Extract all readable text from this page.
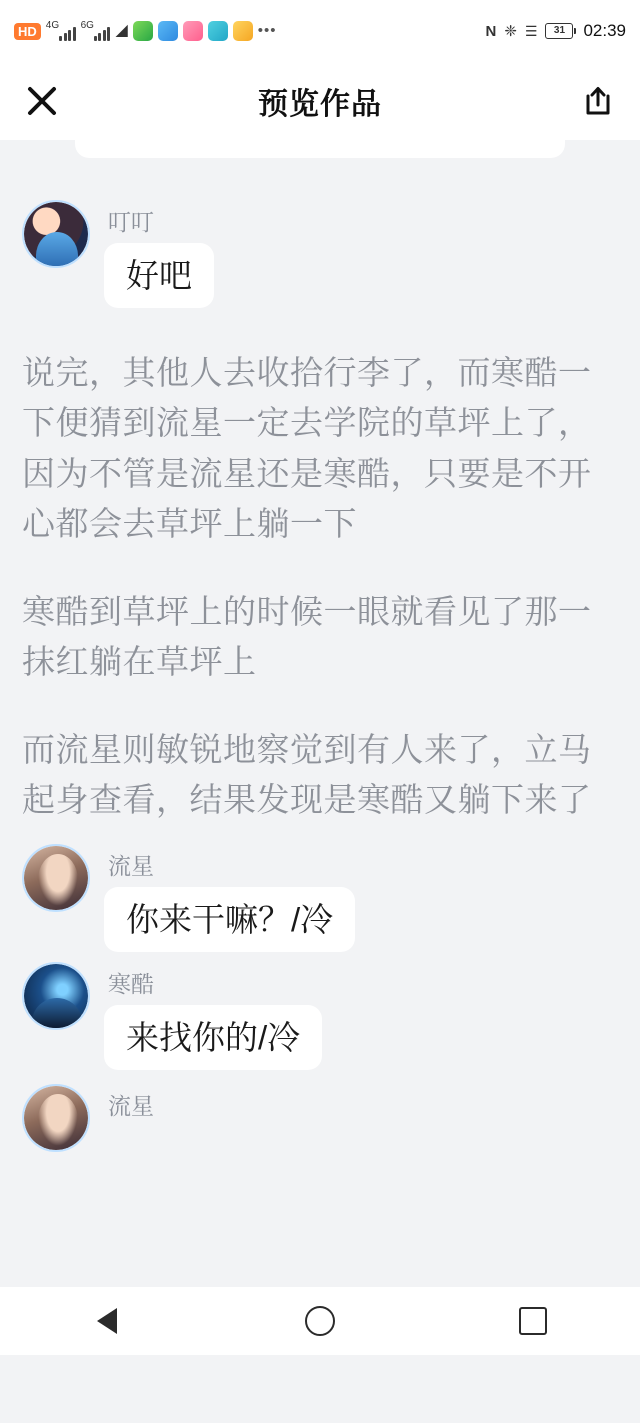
HD 4G 6G ◢	•••	N ❈ ☰ 31 02:39
预览作品
叮叮
好吧
说完，其他人去收拾行李了，而寒酷一下便猜到流星一定去学院的草坪上了，因为不管是流星还是寒酷，只要是不开心都会去草坪上躺一下
寒酷到草坪上的时候一眼就看见了那一抹红躺在草坪上
而流星则敏锐地察觉到有人来了，立马起身查看，结果发现是寒酷又躺下来了
流星
你来干嘛？/冷
寒酷
来找你的/冷
流星
